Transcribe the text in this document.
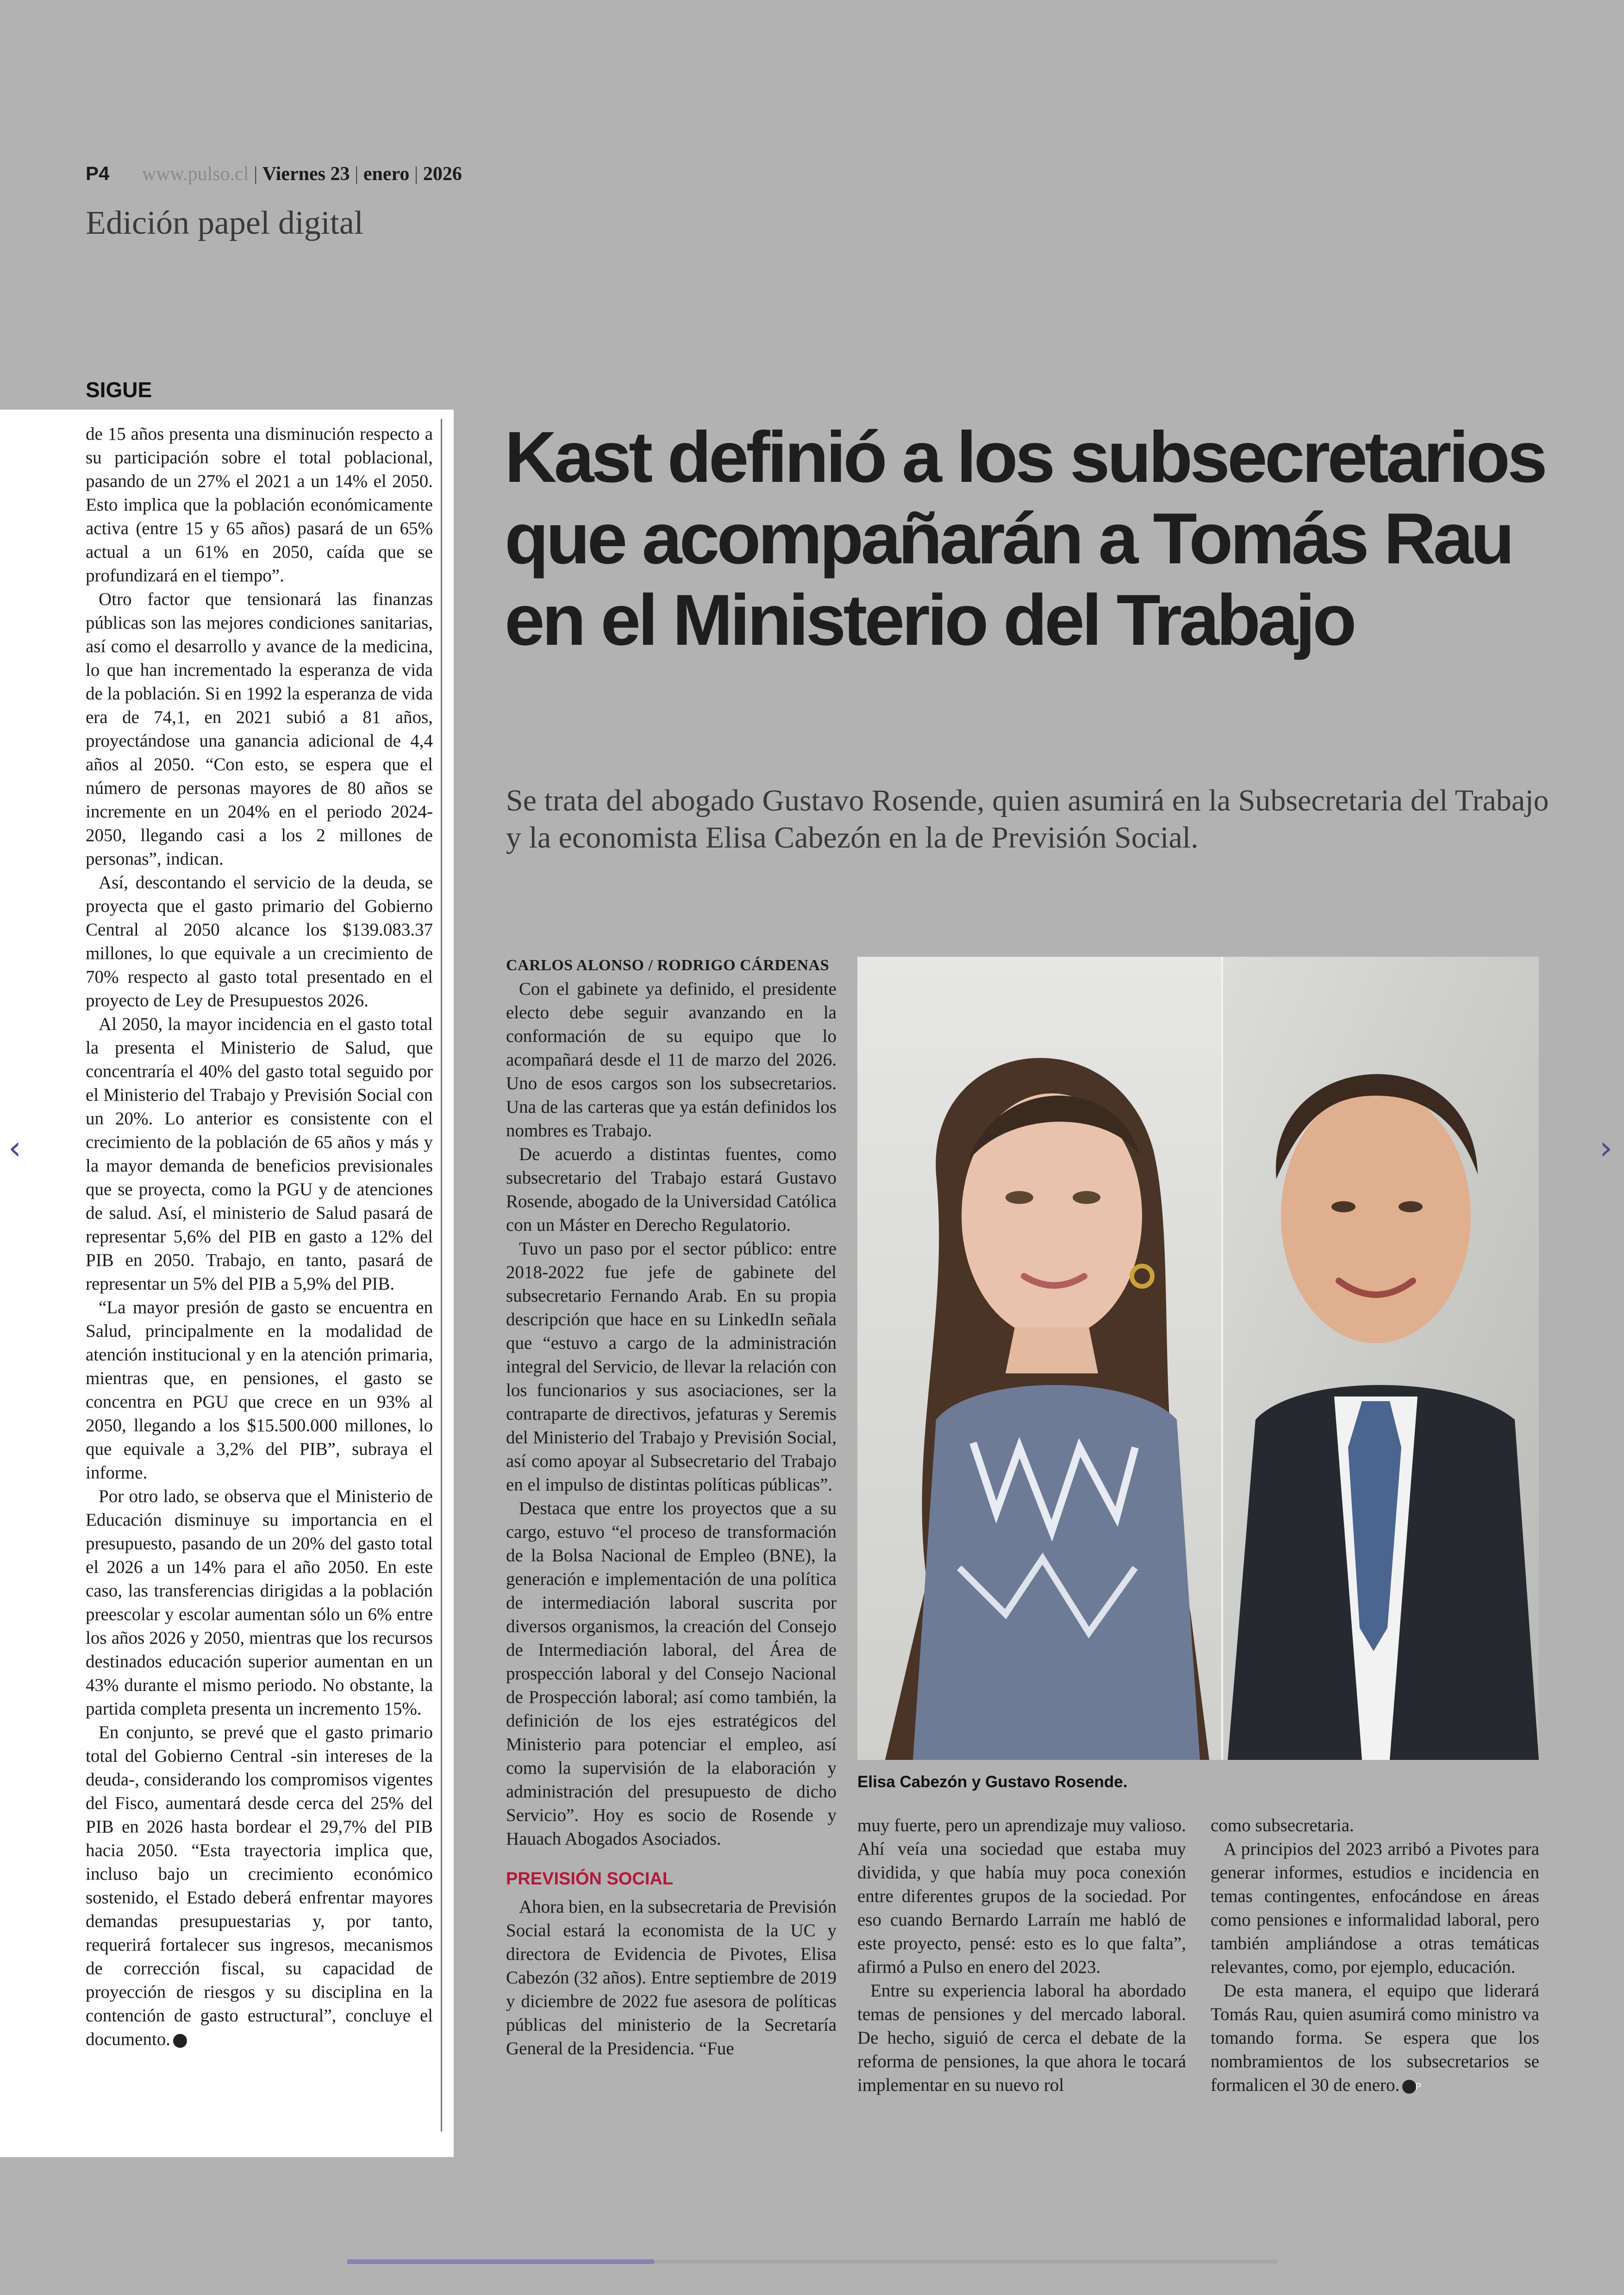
P4 www.pulso.cl | Viernes 23 | enero | 2026
Edición papel digital
SIGUE

de 15 años presenta una disminución respecto a su participación sobre el total poblacional, pasando de un 27% el 2021 a un 14% el 2050. Esto implica que la población económicamente activa (entre 15 y 65 años) pasará de un 65% actual a un 61% en 2050, caída que se profundizará en el tiempo”.

Otro factor que tensionará las finanzas públicas son las mejores condiciones sanitarias, así como el desarrollo y avance de la medicina, lo que han incrementado la esperanza de vida de la población. Si en 1992 la esperanza de vida era de 74,1, en 2021 subió a 81 años, proyectándose una ganancia adicional de 4,4 años al 2050. “Con esto, se espera que el número de personas mayores de 80 años se incremente en un 204% en el periodo 2024-2050, llegando casi a los 2 millones de personas”, indican.

Así, descontando el servicio de la deuda, se proyecta que el gasto primario del Gobierno Central al 2050 alcance los $139.083.37 millones, lo que equivale a un crecimiento de 70% respecto al gasto total presentado en el proyecto de Ley de Presupuestos 2026.

Al 2050, la mayor incidencia en el gasto total la presenta el Ministerio de Salud, que concentraría el 40% del gasto total seguido por el Ministerio del Trabajo y Previsión Social con un 20%. Lo anterior es consistente con el crecimiento de la población de 65 años y más y la mayor demanda de beneficios previsionales que se proyecta, como la PGU y de atenciones de salud. Así, el ministerio de Salud pasará de representar 5,6% del PIB en gasto a 12% del PIB en 2050. Trabajo, en tanto, pasará de representar un 5% del PIB a 5,9% del PIB.

“La mayor presión de gasto se encuentra en Salud, principalmente en la modalidad de atención institucional y en la atención primaria, mientras que, en pensiones, el gasto se concentra en PGU que crece en un 93% al 2050, llegando a los $15.500.000 millones, lo que equivale a 3,2% del PIB”, subraya el informe.

Por otro lado, se observa que el Ministerio de Educación disminuye su importancia en el presupuesto, pasando de un 20% del gasto total el 2026 a un 14% para el año 2050. En este caso, las transferencias dirigidas a la población preescolar y escolar aumentan sólo un 6% entre los años 2026 y 2050, mientras que los recursos destinados educación superior aumentan en un 43% durante el mismo periodo. No obstante, la partida completa presenta un incremento 15%.

En conjunto, se prevé que el gasto primario total del Gobierno Central -sin intereses de la deuda-, considerando los compromisos vigentes del Fisco, aumentará desde cerca del 25% del PIB en 2026 hasta bordear el 29,7% del PIB hacia 2050. “Esta trayectoria implica que, incluso bajo un crecimiento económico sostenido, el Estado deberá enfrentar mayores demandas presupuestarias y, por tanto, requerirá fortalecer sus ingresos, mecanismos de corrección fiscal, su capacidad de proyección de riesgos y su disciplina en la contención de gasto estructural”, concluye el documento. P

Kast definió a los subsecretarios que acompañarán a Tomás Rau en el Ministerio del Trabajo
Se trata del abogado Gustavo Rosende, quien asumirá en la Subsecretaria del Trabajo y la economista Elisa Cabezón en la de Previsión Social.
CARLOS ALONSO / RODRIGO CÁRDENAS

Con el gabinete ya definido, el presidente electo debe seguir avanzando en la conformación de su equipo que lo acompañará desde el 11 de marzo del 2026. Uno de esos cargos son los subsecretarios. Una de las carteras que ya están definidos los nombres es Trabajo.

De acuerdo a distintas fuentes, como subsecretario del Trabajo estará Gustavo Rosende, abogado de la Universidad Católica con un Máster en Derecho Regulatorio.

Tuvo un paso por el sector público: entre 2018-2022 fue jefe de gabinete del subsecretario Fernando Arab. En su propia descripción que hace en su LinkedIn señala que “estuvo a cargo de la administración integral del Servicio, de llevar la relación con los funcionarios y sus asociaciones, ser la contraparte de directivos, jefaturas y Seremis del Ministerio del Trabajo y Previsión Social, así como apoyar al Subsecretario del Trabajo en el impulso de distintas políticas públicas”.

Destaca que entre los proyectos que a su cargo, estuvo “el proceso de transformación de la Bolsa Nacional de Empleo (BNE), la generación e implementación de una política de intermediación laboral suscrita por diversos organismos, la creación del Consejo de Intermediación laboral, del Área de prospección laboral y del Consejo Nacional de Prospección laboral; así como también, la definición de los ejes estratégicos del Ministerio para potenciar el empleo, así como la supervisión de la elaboración y administración del presupuesto de dicho Servicio”. Hoy es socio de Rosende y Hauach Abogados Asociados.

PREVISIÓN SOCIAL

Ahora bien, en la subsecretaria de Previsión Social estará la economista de la UC y directora de Evidencia de Pivotes, Elisa Cabezón (32 años). Entre septiembre de 2019 y diciembre de 2022 fue asesora de políticas públicas del ministerio de la Secretaría General de la Presidencia. “Fue

Elisa Cabezón y Gustavo Rosende.

muy fuerte, pero un aprendizaje muy valioso. Ahí veía una sociedad que estaba muy dividida, y que había muy poca conexión entre diferentes grupos de la sociedad. Por eso cuando Bernardo Larraín me habló de este proyecto, pensé: esto es lo que falta”, afirmó a Pulso en enero del 2023.

Entre su experiencia laboral ha abordado temas de pensiones y del mercado laboral. De hecho, siguió de cerca el debate de la reforma de pensiones, la que ahora le tocará implementar en su nuevo rol

como subsecretaria.

A principios del 2023 arribó a Pivotes para generar informes, estudios e incidencia en temas contingentes, enfocándose en áreas como pensiones e informalidad laboral, pero también ampliándose a otras temáticas relevantes, como, por ejemplo, educación.

De esta manera, el equipo que liderará Tomás Rau, quien asumirá como ministro va tomando forma. Se espera que los nombramientos de los subsecretarios se formalicen el 30 de enero. P

‹	›
